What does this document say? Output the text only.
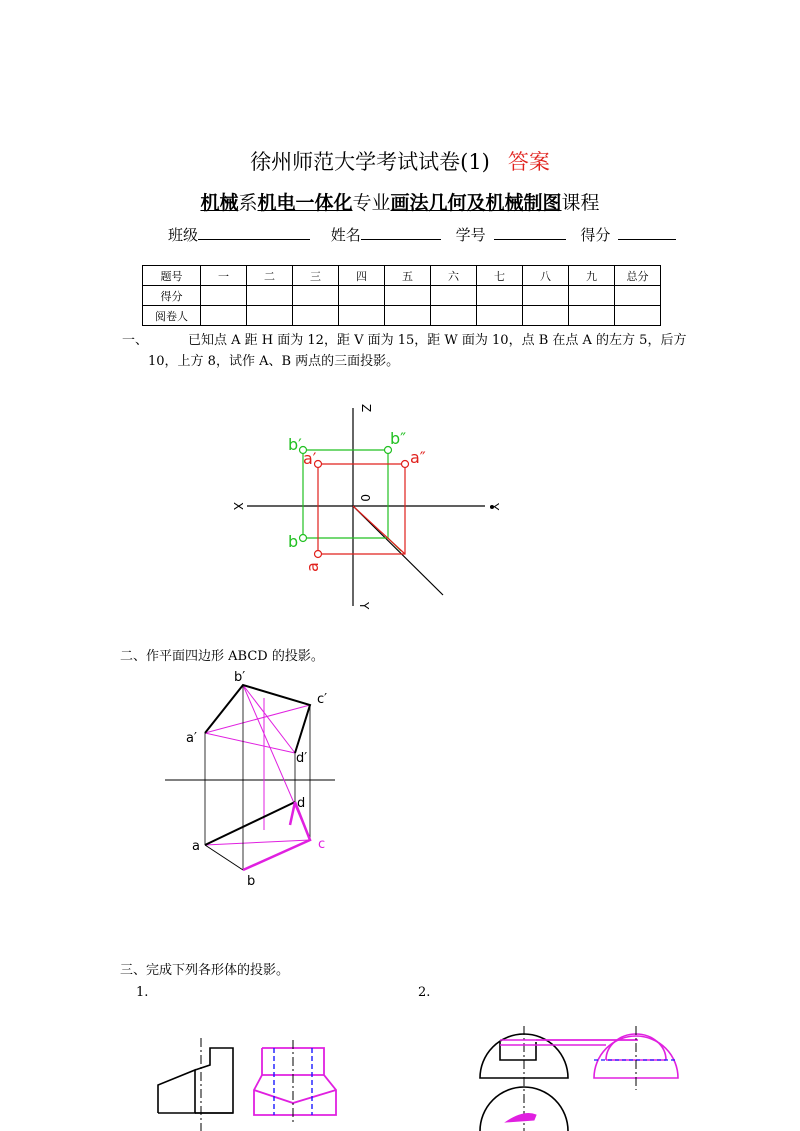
徐州师范大学考试试卷(1) 答案
机械系机电一体化专业画法几何及机械制图课程
班级	姓名	学号	得分
题号	一	二	三	四	五	六	七	八	九	总分
得分										
阅卷人										
一、	已知点 A 距 H 面为 12，距 V 面为 15，距 W 面为 10，点 B 在点 A 的左方 5，后方
10，上方 8，试作 A、B 两点的三面投影。
X
Z
0
Y
Y
b′	b″
a′	a″
b
a
二、作平面四边形 ABCD 的投影。
b′
c′
a′
d′
d
a	c
b
三、完成下列各形体的投影。
1.	2.
